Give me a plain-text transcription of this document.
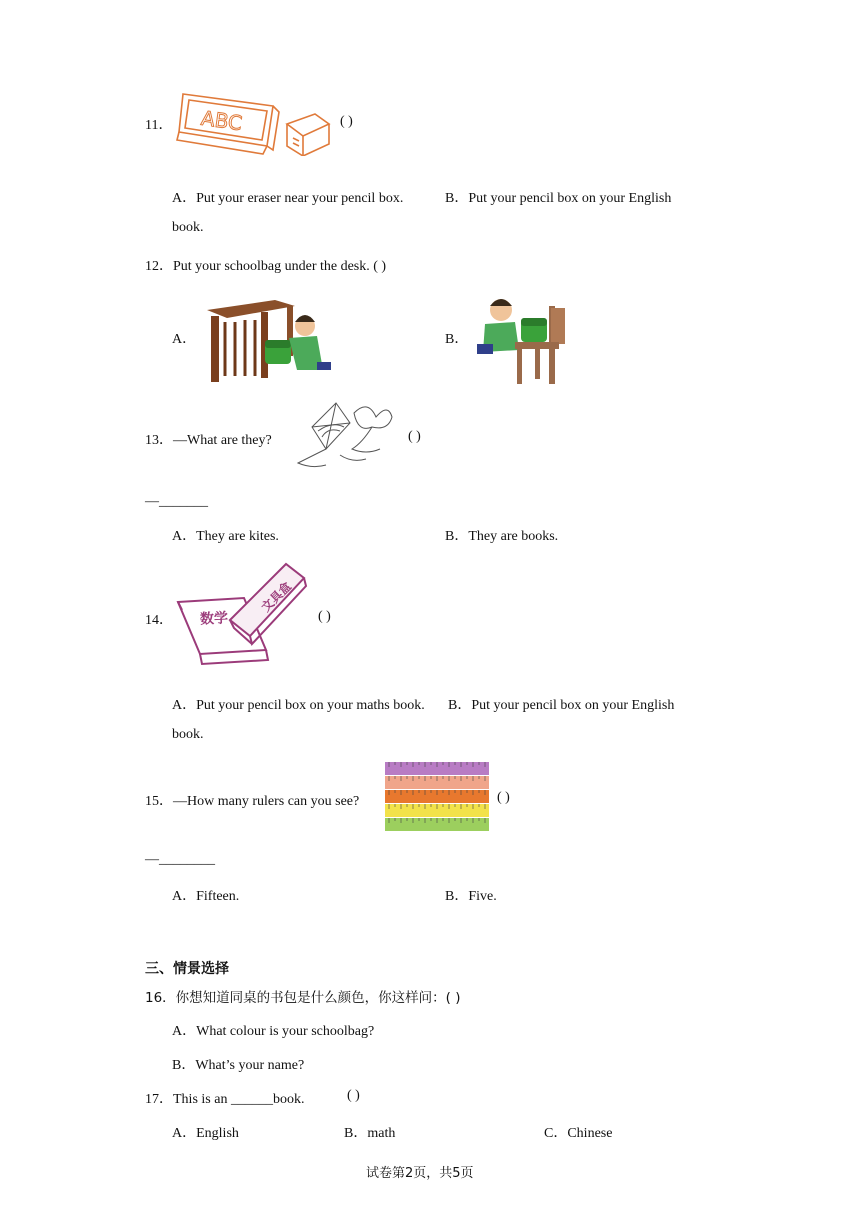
11． ABC	( )
A．Put your eraser near your pencil box.	B．Put your pencil box on your English
book.
12．Put your schoolbag under the desk. ( )
A．	B．
13．—What are they?	( )
—_______
A．They are kites.	B．They are books.
14． 数学
文具盒
( )
A．Put your pencil box on your maths book. B．Put your pencil box on your English
book.
15．—How many rulers can you see?	( )
—________
A．Fifteen.	B．Five.
三、情景选择
16．你想知道同桌的书包是什么颜色，你这样问：( )
A．What colour is your schoolbag?
B．What’s your name?
17．This is an ______book.	( )
A．English	B．math	C．Chinese
试卷第2页，共5页
